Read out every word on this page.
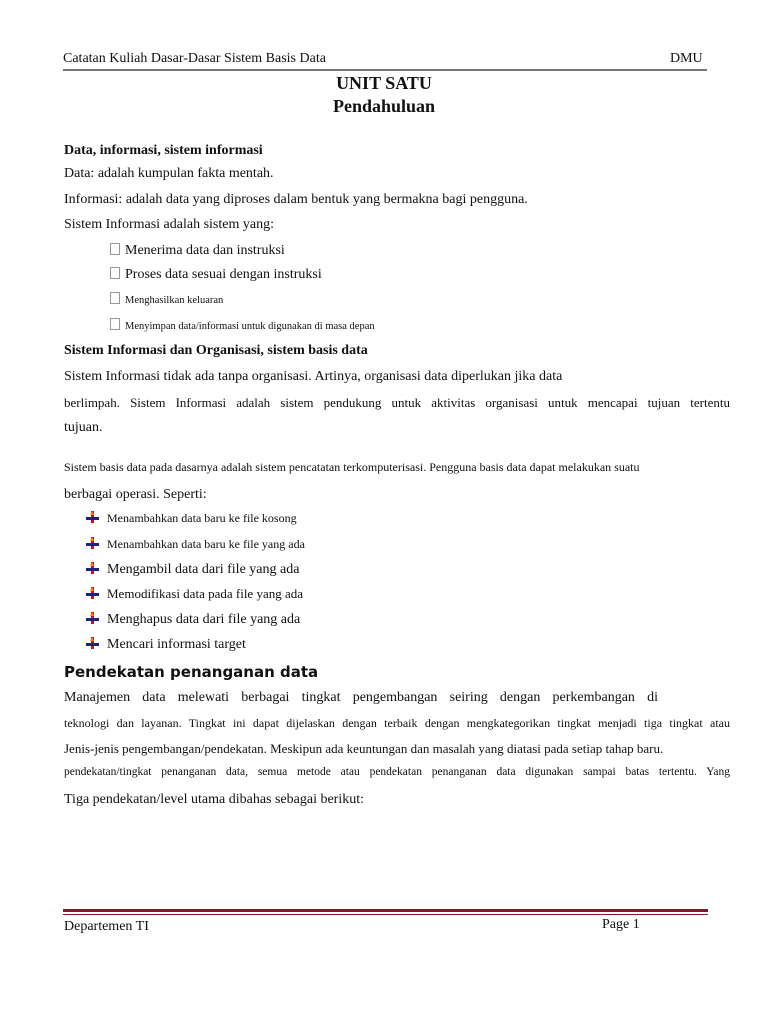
Catatan Kuliah Dasar-Dasar Sistem Basis Data	DMU
UNIT SATU
Pendahuluan
Data, informasi, sistem informasi
Data: adalah kumpulan fakta mentah.
Informasi: adalah data yang diproses dalam bentuk yang bermakna bagi pengguna.
Sistem Informasi adalah sistem yang:
Menerima data dan instruksi
Proses data sesuai dengan instruksi
Menghasilkan keluaran
Menyimpan data/informasi untuk digunakan di masa depan
Sistem Informasi dan Organisasi, sistem basis data
Sistem Informasi tidak ada tanpa organisasi. Artinya, organisasi data diperlukan jika data
berlimpah. Sistem Informasi adalah sistem pendukung untuk aktivitas organisasi untuk mencapai tujuan tertentu
tujuan.
Sistem basis data pada dasarnya adalah sistem pencatatan terkomputerisasi. Pengguna basis data dapat melakukan suatu
berbagai operasi. Seperti:
Menambahkan data baru ke file kosong
Menambahkan data baru ke file yang ada
Mengambil data dari file yang ada
Memodifikasi data pada file yang ada
Menghapus data dari file yang ada
Mencari informasi target
Pendekatan penanganan data
Manajemen data melewati berbagai tingkat pengembangan seiring dengan perkembangan di
teknologi dan layanan. Tingkat ini dapat dijelaskan dengan terbaik dengan mengkategorikan tingkat menjadi tiga tingkat atau
Jenis-jenis pengembangan/pendekatan. Meskipun ada keuntungan dan masalah yang diatasi pada setiap tahap baru.
pendekatan/tingkat penanganan data, semua metode atau pendekatan penanganan data digunakan sampai batas tertentu. Yang
Tiga pendekatan/level utama dibahas sebagai berikut:
Departemen TI	Page 1
